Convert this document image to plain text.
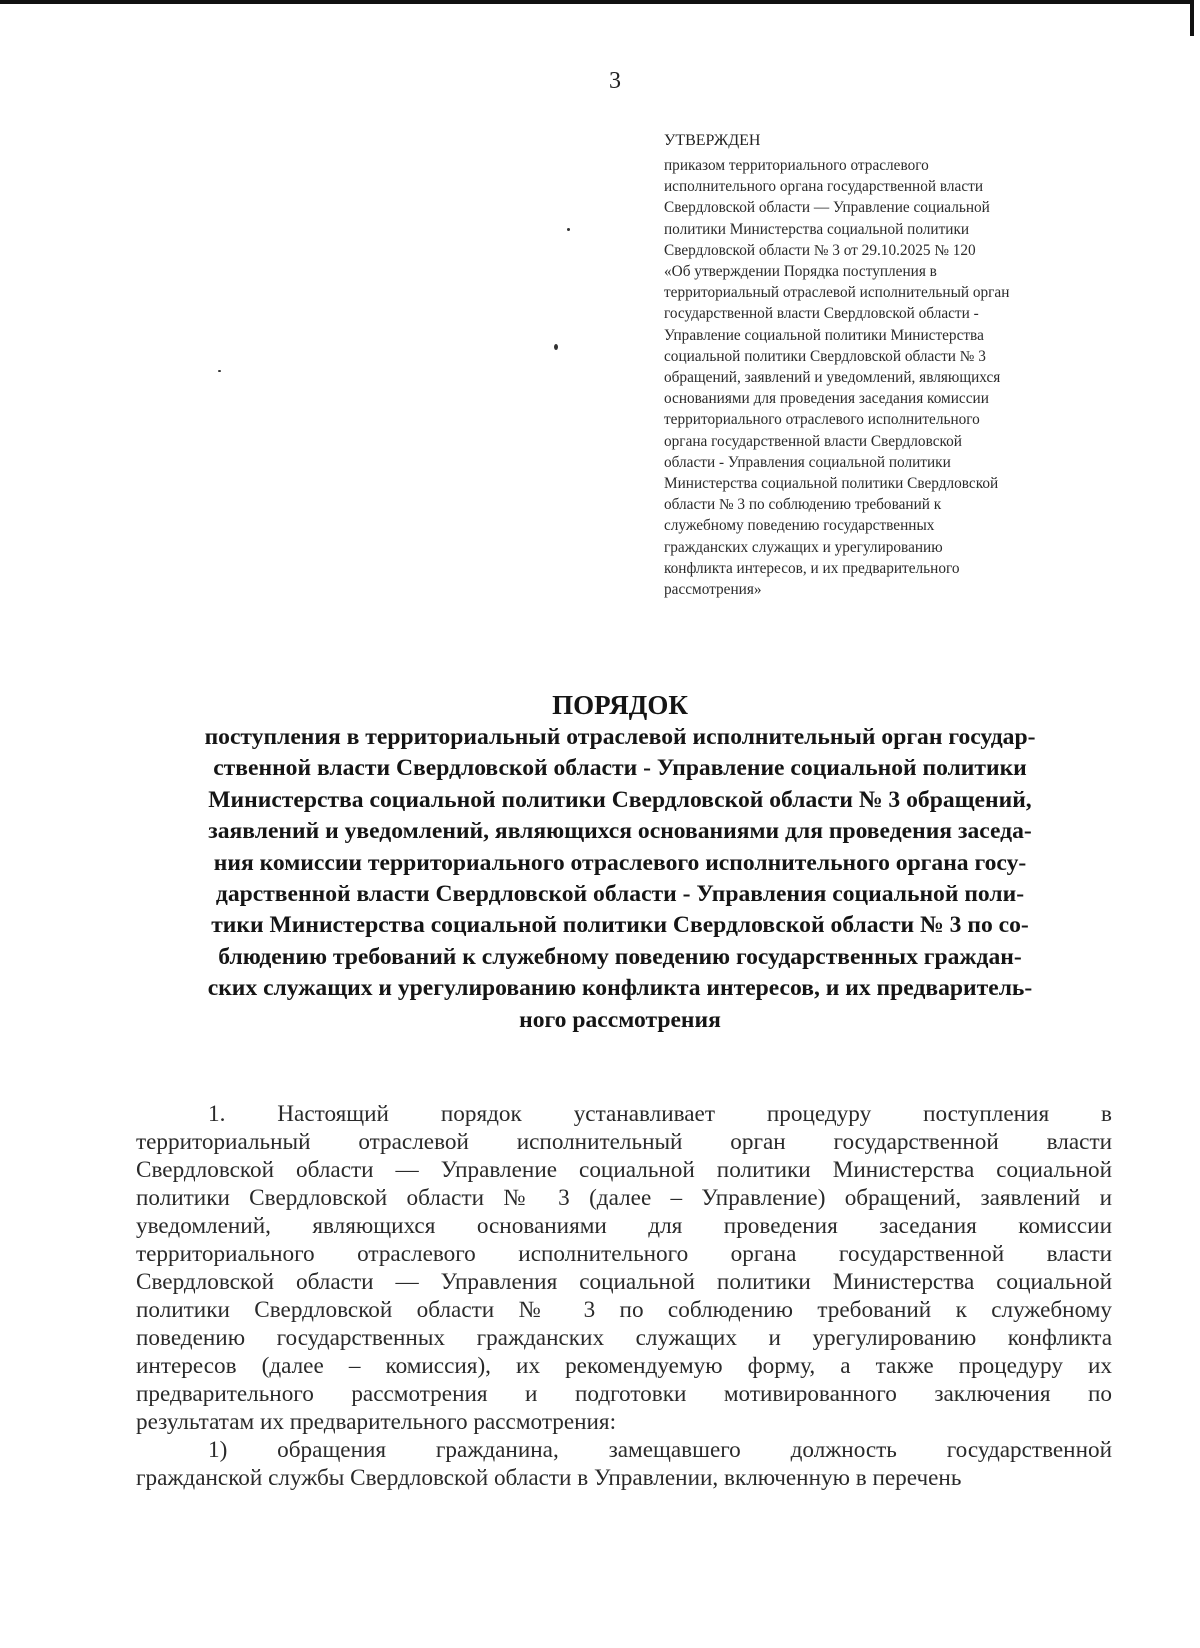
3
УТВЕРЖДЕН
приказом территориального отраслевого
исполнительного органа государственной власти
Свердловской области — Управление социальной
политики Министерства социальной политики
Свердловской области № 3 от 29.10.2025 № 120
«Об утверждении Порядка поступления в
территориальный отраслевой исполнительный орган
государственной власти Свердловской области -
Управление социальной политики Министерства
социальной политики Свердловской области № 3
обращений, заявлений и уведомлений, являющихся
основаниями для проведения заседания комиссии
территориального отраслевого исполнительного
органа государственной власти Свердловской
области - Управления социальной политики
Министерства социальной политики Свердловской
области № 3 по соблюдению требований к
служебному поведению государственных
гражданских служащих и урегулированию
конфликта интересов, и их предварительного
рассмотрения»
ПОРЯДОК
поступления в территориальный отраслевой исполнительный орган государ-
ственной власти Свердловской области - Управление социальной политики
Министерства социальной политики Свердловской области № 3 обращений,
заявлений и уведомлений, являющихся основаниями для проведения заседа-
ния комиссии территориального отраслевого исполнительного органа госу-
дарственной власти Свердловской области - Управления социальной поли-
тики Министерства социальной политики Свердловской области № 3 по со-
блюдению требований к служебному поведению государственных граждан-
ских служащих и урегулированию конфликта интересов, и их предваритель-
ного рассмотрения
1. Настоящий порядок устанавливает процедуру поступления в
территориальный отраслевой исполнительный орган государственной власти
Свердловской области — Управление социальной политики Министерства социальной
политики Свердловской области № 3 (далее – Управление) обращений, заявлений и
уведомлений, являющихся основаниями для проведения заседания комиссии
территориального отраслевого исполнительного органа государственной власти
Свердловской области — Управления социальной политики Министерства социальной
политики Свердловской области № 3 по соблюдению требований к служебному
поведению государственных гражданских служащих и урегулированию конфликта
интересов (далее – комиссия), их рекомендуемую форму, а также процедуру их
предварительного рассмотрения и подготовки мотивированного заключения по
результатам их предварительного рассмотрения:
1) обращения гражданина, замещавшего должность государственной
гражданской службы Свердловской области в Управлении, включенную в перечень
